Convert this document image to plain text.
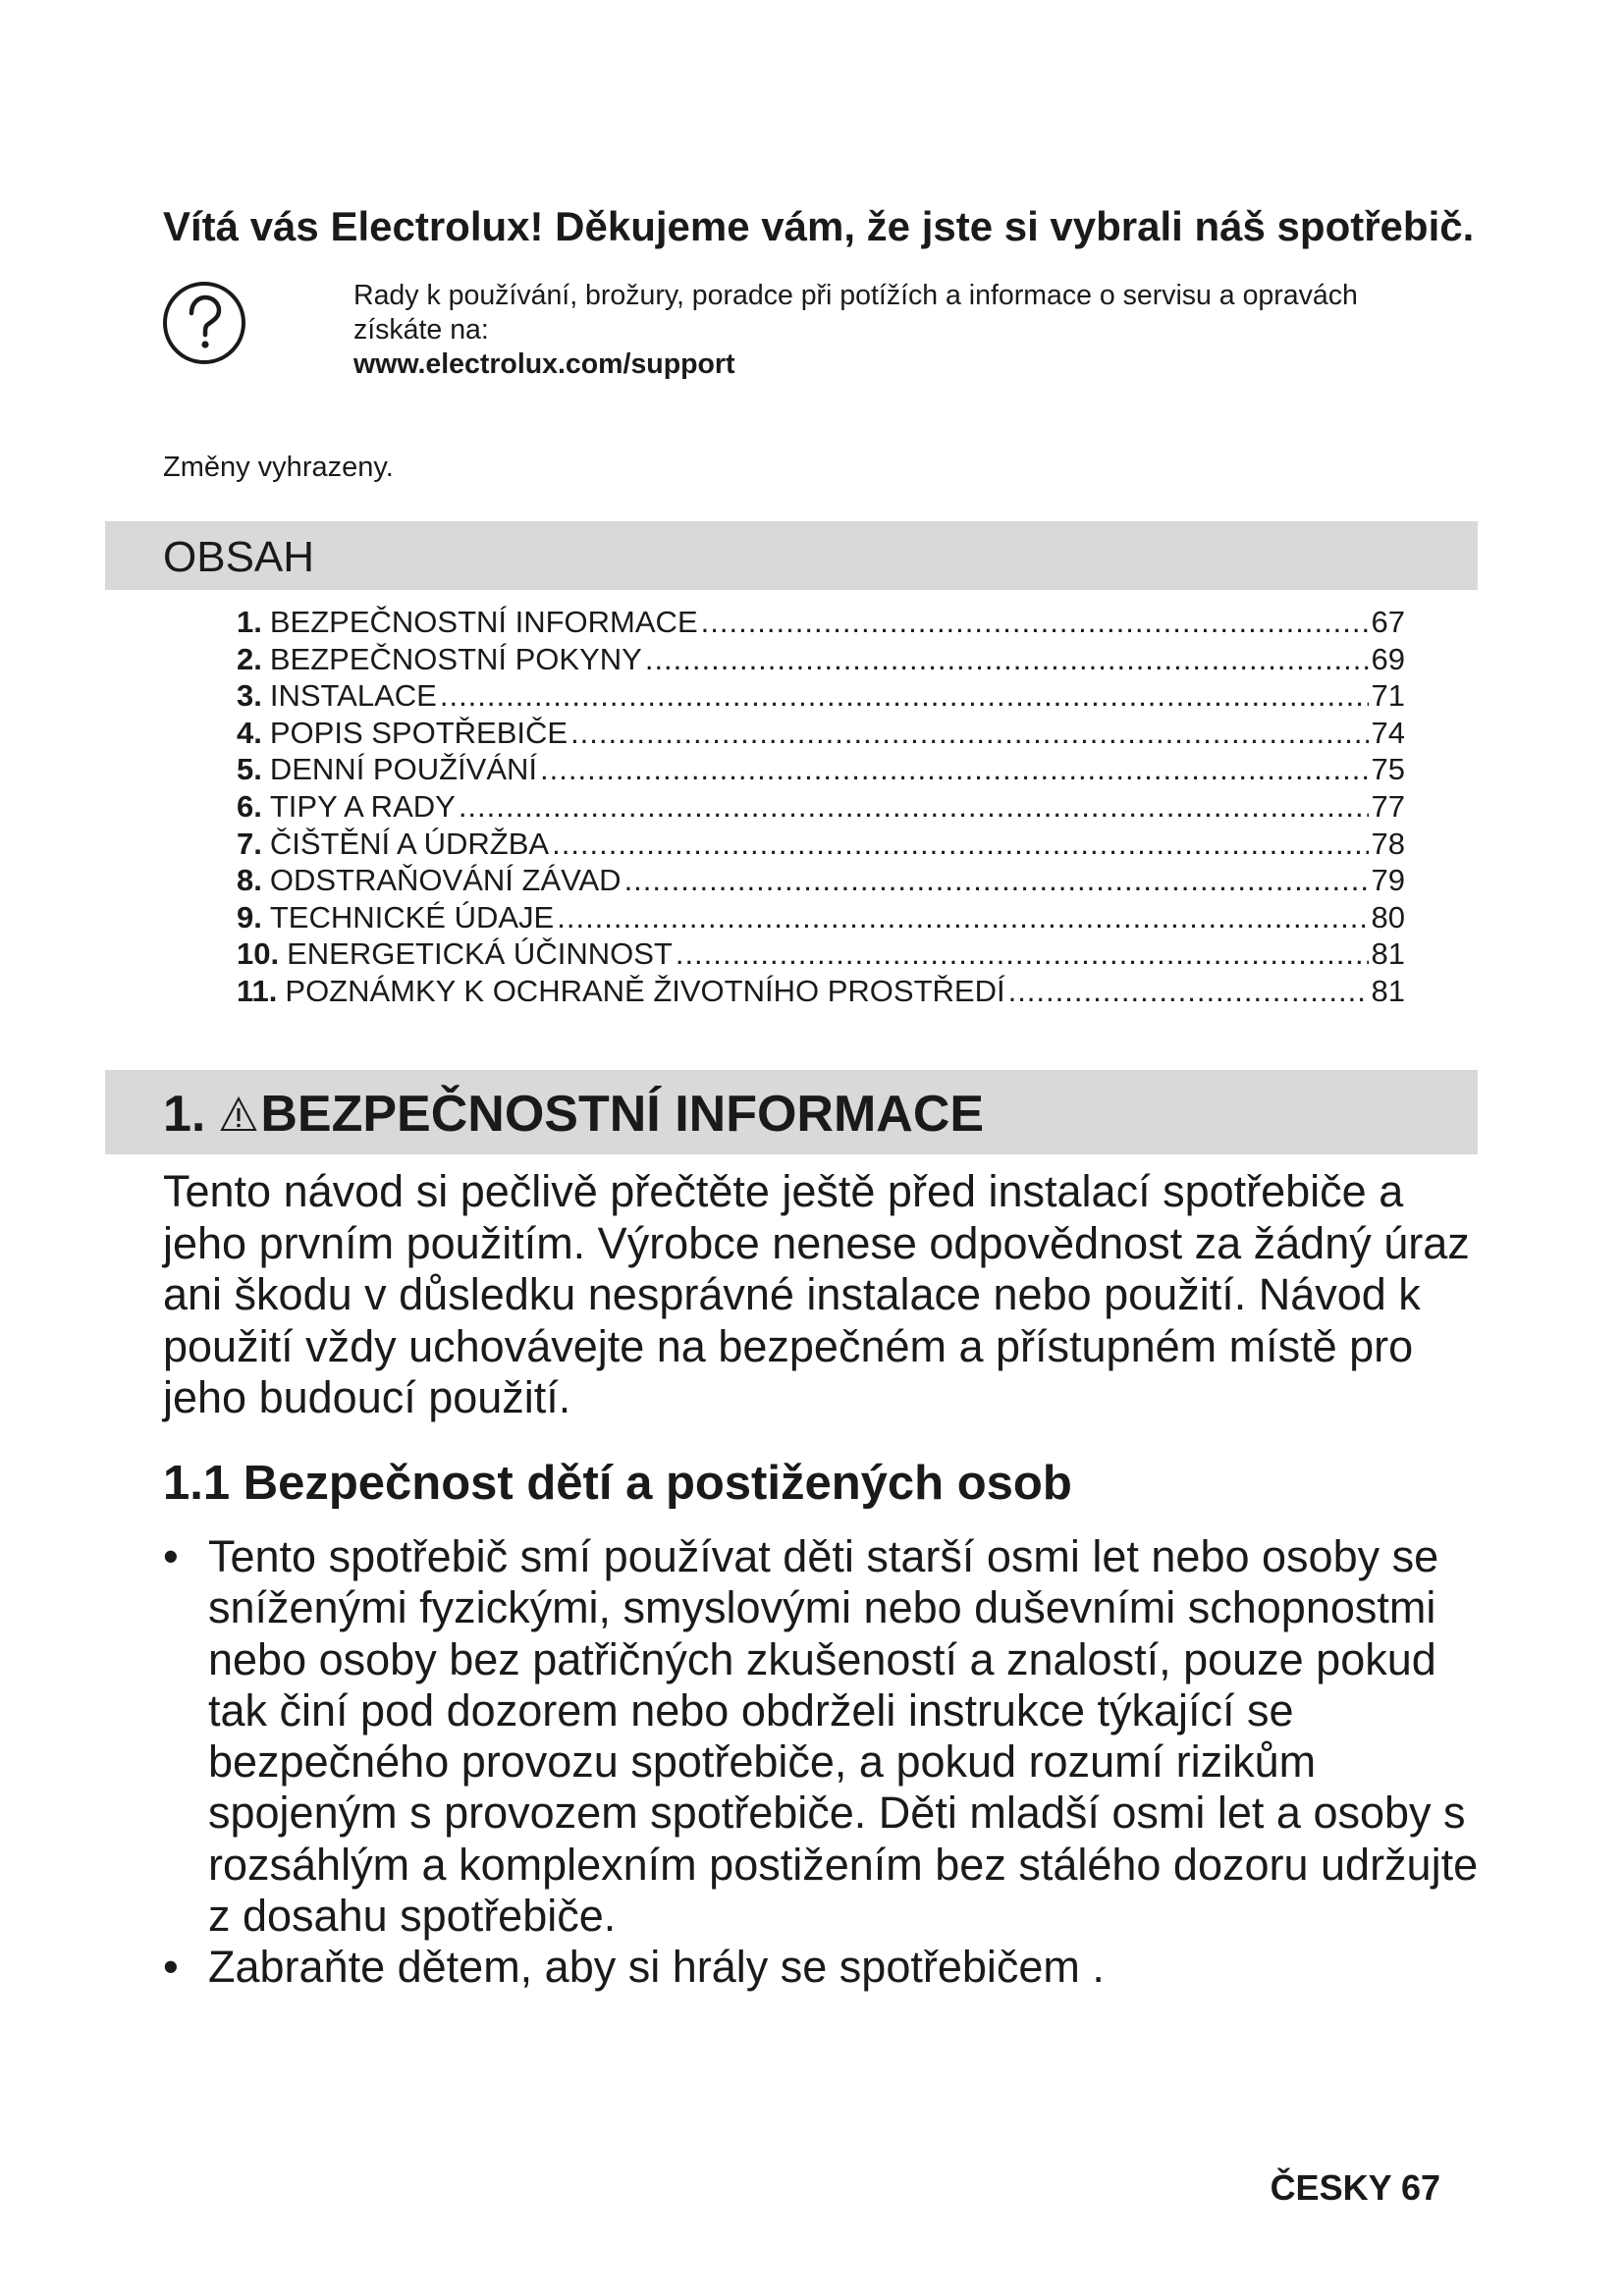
Vítá vás Electrolux! Děkujeme vám, že jste si vybrali náš spotřebič.
Rady k používání, brožury, poradce při potížích a informace o servisu a opravách
získáte na:
www.electrolux.com/support
Změny vyhrazeny.
OBSAH
1. BEZPEČNOSTNÍ INFORMACE .....	67
2. BEZPEČNOSTNÍ POKYNY .....	69
3. INSTALACE .....	71
4. POPIS SPOTŘEBIČE .....	74
5. DENNÍ POUŽÍVÁNÍ .....	75
6. TIPY A RADY .....	77
7. ČIŠTĚNÍ A ÚDRŽBA .....	78
8. ODSTRAŇOVÁNÍ ZÁVAD .....	79
9. TECHNICKÉ ÚDAJE .....	80
10. ENERGETICKÁ ÚČINNOST .....	81
11. POZNÁMKY K OCHRANĚ ŽIVOTNÍHO PROSTŘEDÍ .....	81
1. BEZPEČNOSTNÍ INFORMACE

Tento návod si pečlivě přečtěte ještě před instalací spotřebiče a jeho prvním použitím. Výrobce nenese odpovědnost za žádný úraz ani škodu v důsledku nesprávné instalace nebo použití. Návod k použití vždy uchovávejte na bezpečném a přístupném místě pro jeho budoucí použití.

1.1 Bezpečnost dětí a postižených osob
• Tento spotřebič smí používat děti starší osmi let nebo osoby se sníženými fyzickými, smyslovými nebo duševními schopnostmi nebo osoby bez patřičných zkušeností a znalostí, pouze pokud tak činí pod dozorem nebo obdrželi instrukce týkající se bezpečného provozu spotřebiče, a pokud rozumí rizikům spojeným s provozem spotřebiče. Děti mladší osmi let a osoby s rozsáhlým a komplexním postižením bez stálého dozoru udržujte z dosahu spotřebiče.
• Zabraňte dětem, aby si hrály se spotřebičem .
ČESKY 67
